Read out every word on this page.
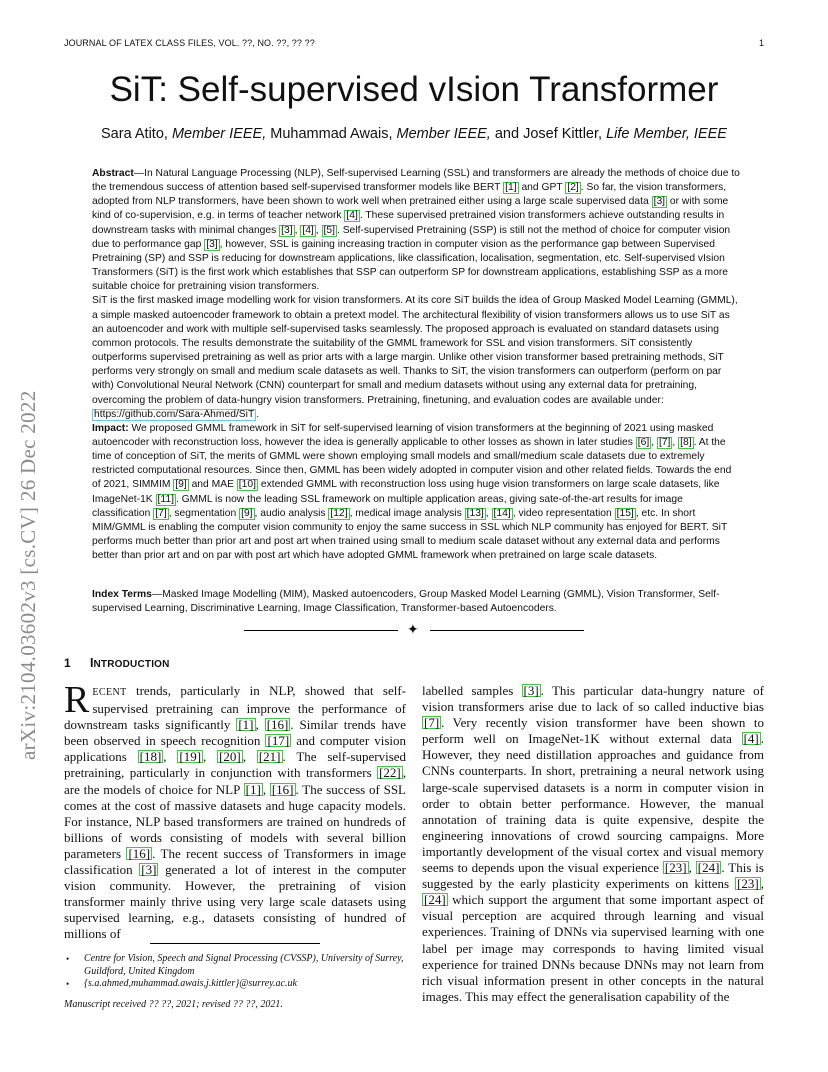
JOURNAL OF LATEX CLASS FILES, VOL. ??, NO. ??, ?? ??	1
arXiv:2104.03602v3 [cs.CV] 26 Dec 2022
SiT: Self-supervised vIsion Transformer
Sara Atito, Member IEEE, Muhammad Awais, Member IEEE, and Josef Kittler, Life Member, IEEE

Abstract—In Natural Language Processing (NLP), Self-supervised Learning (SSL) and transformers are already the methods of choice due to the tremendous success of attention based self-supervised transformer models like BERT [1] and GPT [2] . So far, the vision transformers, adopted from NLP transformers, have been shown to work well when pretrained either using a large scale supervised data [3] or with some kind of co-supervision, e.g. in terms of teacher network [4] . These supervised pretrained vision transformers achieve outstanding results in downstream tasks with minimal changes [3] , [4] , [5] . Self-supervised Pretraining (SSP) is still not the method of choice for computer vision due to performance gap [3] , however, SSL is gaining increasing traction in computer vision as the performance gap between Supervised Pretraining (SP) and SSP is reducing for downstream applications, like classification, localisation, segmentation, etc. Self-supervised vIsion Transformers (SiT) is the first work which establishes that SSP can outperform SP for downstream applications, establishing SSP as a more suitable choice for pretraining vision transformers.

SiT is the first masked image modelling work for vision transformers. At its core SiT builds the idea of Group Masked Model Learning (GMML), a simple masked autoencoder framework to obtain a pretext model. The architectural flexibility of vision transformers allows us to use SiT as an autoencoder and work with multiple self-supervised tasks seamlessly. The proposed approach is evaluated on standard datasets using common protocols. The results demonstrate the suitability of the GMML framework for SSL and vision transformers. SiT consistently outperforms supervised pretraining as well as prior arts with a large margin. Unlike other vision transformer based pretraining methods, SiT performs very strongly on small and medium scale datasets as well. Thanks to SiT, the vision transformers can outperform (perform on par with) Convolutional Neural Network (CNN) counterpart for small and medium datasets without using any external data for pretraining, overcoming the problem of data-hungry vision transformers. Pretraining, finetuning, and evaluation codes are available under: https://github.com/Sara-Ahmed/SiT .

Impact: We proposed GMML framework in SiT for self-supervised learning of vision transformers at the beginning of 2021 using masked autoencoder with reconstruction loss, however the idea is generally applicable to other losses as shown in later studies [6] , [7] , [8] . At the time of conception of SiT, the merits of GMML were shown employing small models and small/medium scale datasets due to extremely restricted computational resources. Since then, GMML has been widely adopted in computer vision and other related fields. Towards the end of 2021, SIMMIM [9] and MAE [10] extended GMML with reconstruction loss using huge vision transformers on large scale datasets, like ImageNet-1K [11] . GMML is now the leading SSL framework on multiple application areas, giving sate-of-the-art results for image classification [7] , segmentation [9] , audio analysis [12] , medical image analysis [13] , [14] , video representation [15] , etc. In short MIM/GMML is enabling the computer vision community to enjoy the same success in SSL which NLP community has enjoyed for BERT. SiT performs much better than prior art and post art when trained using small to medium scale dataset without any external data and performs better than prior art and on par with post art which have adopted GMML framework when pretrained on large scale datasets.

Index Terms—Masked Image Modelling (MIM), Masked autoencoders, Group Masked Model Learning (GMML), Vision Transformer, Self-supervised Learning, Discriminative Learning, Image Classification, Transformer-based Autoencoders.
✦
1 INTRODUCTION

RECENT trends, particularly in NLP, showed that self-supervised pretraining can improve the performance of downstream tasks significantly [1] , [16] . Similar trends have been observed in speech recognition [17] and computer vision applications [18] , [19] , [20] , [21] . The self-supervised pretraining, particularly in conjunction with transformers [22] , are the models of choice for NLP [1] , [16] . The success of SSL comes at the cost of massive datasets and huge capacity models. For instance, NLP based transformers are trained on hundreds of billions of words consisting of models with several billion parameters [16] . The recent success of Transformers in image classification [3] generated a lot of interest in the computer vision community. However, the pretraining of vision transformer mainly thrive using very large scale datasets using supervised learning, e.g., datasets consisting of hundred of millions of

labelled samples [3] . This particular data-hungry nature of vision transformers arise due to lack of so called inductive bias [7] . Very recently vision transformer have been shown to perform well on ImageNet-1K without external data [4] . However, they need distillation approaches and guidance from CNNs counterparts. In short, pretraining a neural network using large-scale supervised datasets is a norm in computer vision in order to obtain better performance. However, the manual annotation of training data is quite expensive, despite the engineering innovations of crowd sourcing campaigns. More importantly development of the visual cortex and visual memory seems to depends upon the visual experience [23] , [24] . This is suggested by the early plasticity experiments on kittens [23] , [24] which support the argument that some important aspect of visual perception are acquired through learning and visual experiences. Training of DNNs via supervised learning with one label per image may corresponds to having limited visual experience for trained DNNs because DNNs may not learn from rich visual information present in other concepts in the natural images. This may effect the generalisation capability of the

• Centre for Vision, Speech and Signal Processing (CVSSP), University of Surrey, Guildford, United Kingdom

• {s.a.ahmed,muhammad.awais,j.kittler}@surrey.ac.uk

Manuscript received ?? ??, 2021; revised ?? ??, 2021.
